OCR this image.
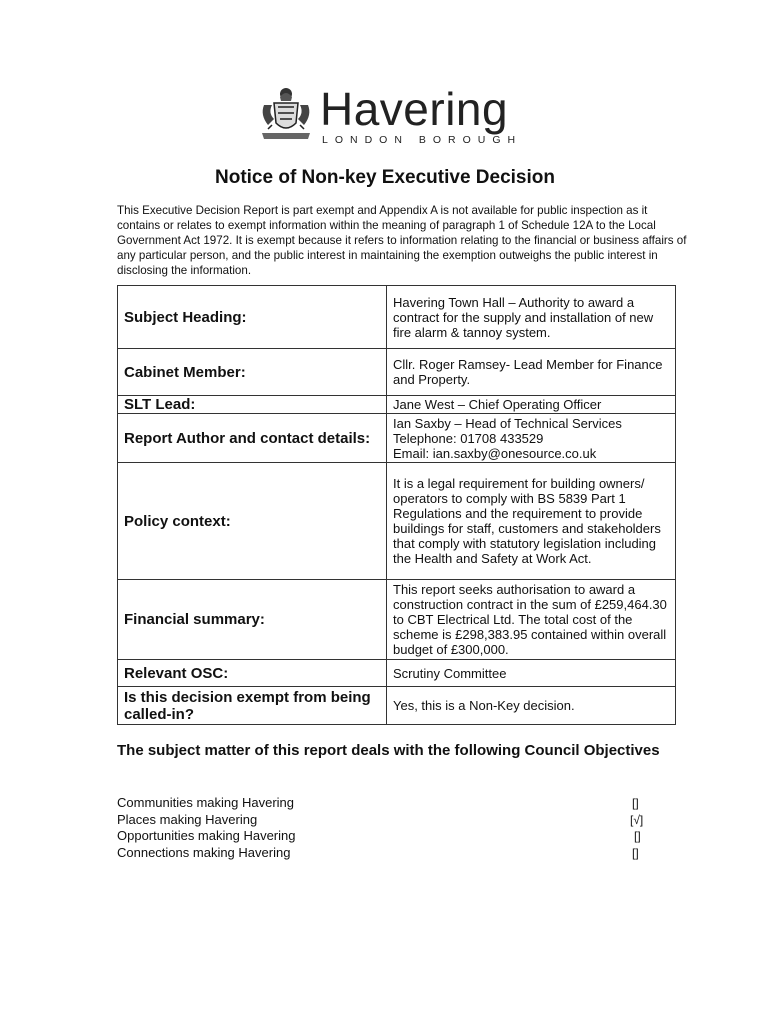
Havering
LONDON BOROUGH
Notice of Non-key Executive Decision

This Executive Decision Report is part exempt and Appendix A is not available for public inspection as it contains or relates to exempt information within the meaning of paragraph 1 of Schedule 12A to the Local Government Act 1972. It is exempt because it refers to information relating to the financial or business affairs of any particular person, and the public interest in maintaining the exemption outweighs the public interest in disclosing the information.

Subject Heading:	Havering Town Hall – Authority to award a contract for the supply and installation of new fire alarm & tannoy system.
Cabinet Member:	Cllr. Roger Ramsey- Lead Member for Finance and Property.
SLT Lead:	Jane West – Chief Operating Officer
Report Author and contact details:	Ian Saxby – Head of Technical Services
Telephone: 01708 433529
Email: ian.saxby@onesource.co.uk

Policy context:	It is a legal requirement for building owners/ operators to comply with BS 5839 Part 1 Regulations and the requirement to provide buildings for staff, customers and stakeholders that comply with statutory legislation including the Health and Safety at Work Act.
Financial summary:	This report seeks authorisation to award a construction contract in the sum of £259,464.30 to CBT Electrical Ltd. The total cost of the scheme is £298,383.95 contained within overall budget of £300,000.
Relevant OSC:	Scrutiny Committee
Is this decision exempt from being called-in?	Yes, this is a Non-Key decision.
The subject matter of this report deals with the following Council Objectives
Communities making Havering	[]
Places making Havering	[√]
Opportunities making Havering	[]
Connections making Havering	[]
